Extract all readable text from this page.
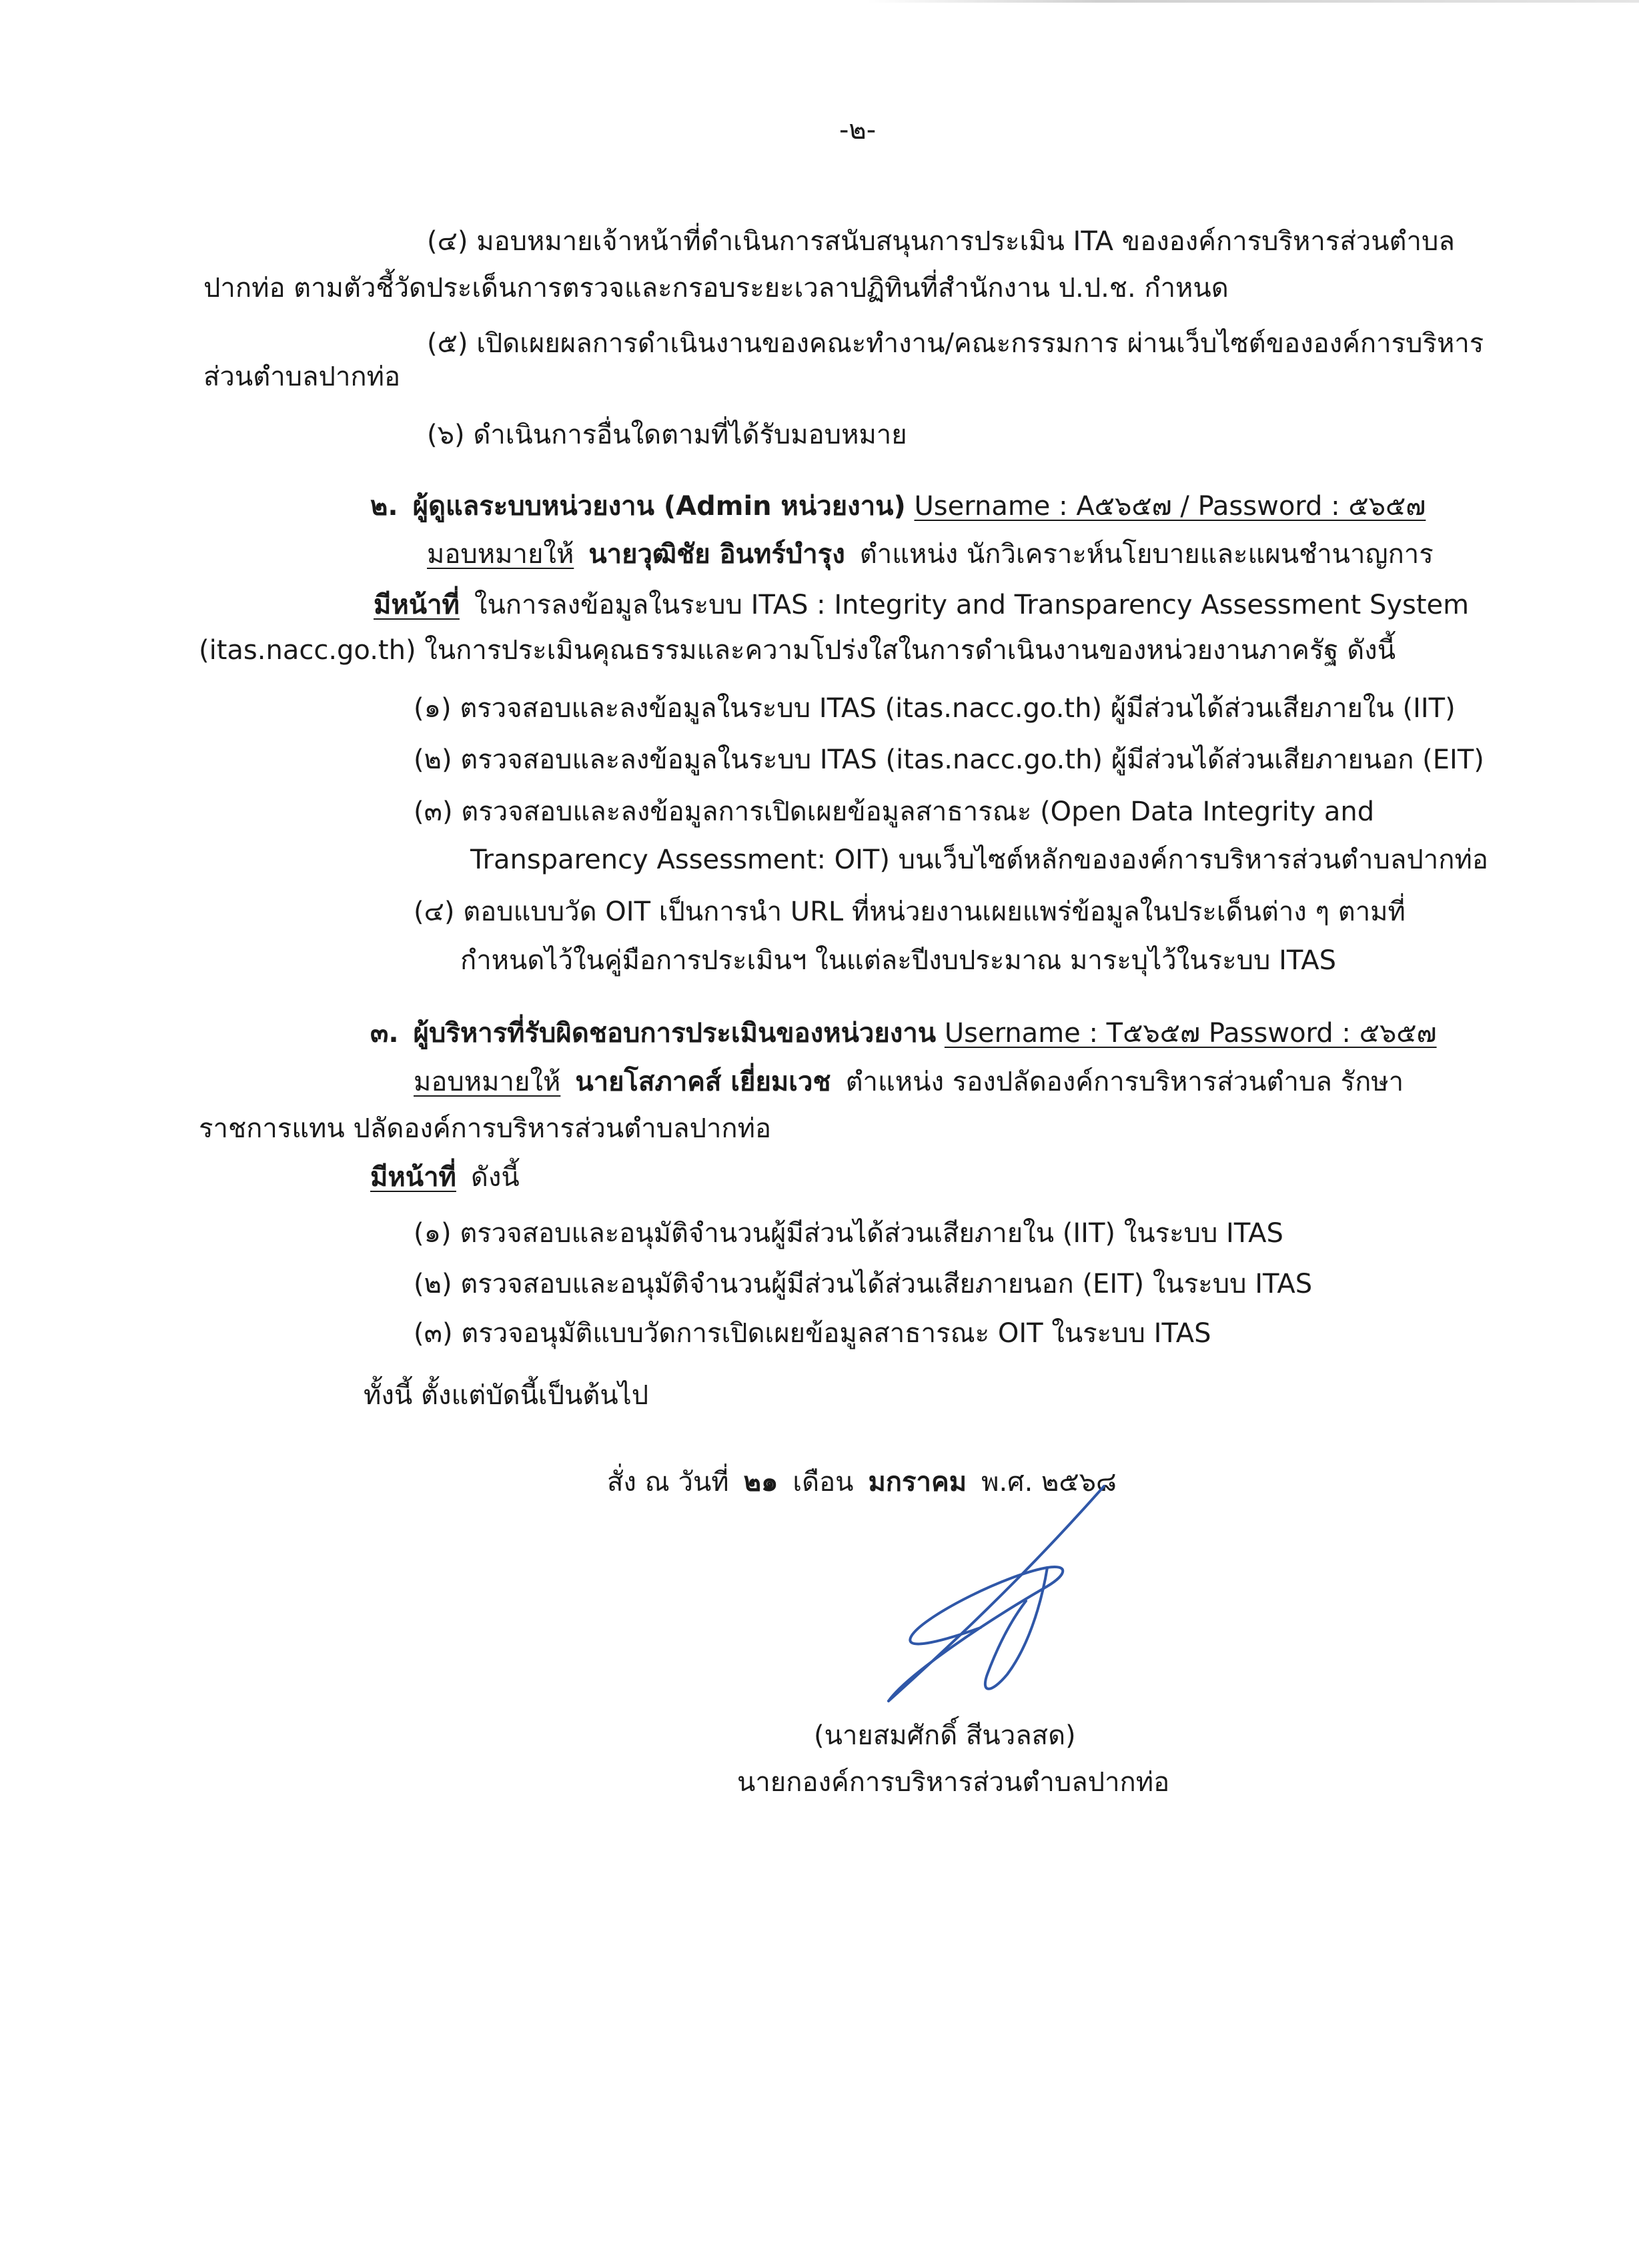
-๒-
(๔) มอบหมายเจ้าหน้าที่ดำเนินการสนับสนุนการประเมิน ITA ขององค์การบริหารส่วนตำบล
ปากท่อ ตามตัวชี้วัดประเด็นการตรวจและกรอบระยะเวลาปฏิทินที่สำนักงาน ป.ป.ช. กำหนด
(๕) เปิดเผยผลการดำเนินงานของคณะทำงาน/คณะกรรมการ ผ่านเว็บไซต์ขององค์การบริหาร
ส่วนตำบลปากท่อ
(๖) ดำเนินการอื่นใดตามที่ได้รับมอบหมาย
๒. ผู้ดูแลระบบหน่วยงาน (Admin หน่วยงาน) Username : A๕๖๕๗ / Password : ๕๖๕๗
มอบหมายให้ นายวุฒิชัย อินทร์บำรุง ตำแหน่ง นักวิเคราะห์นโยบายและแผนชำนาญการ
มีหน้าที่ ในการลงข้อมูลในระบบ ITAS : Integrity and Transparency Assessment System
(itas.nacc.go.th) ในการประเมินคุณธรรมและความโปร่งใสในการดำเนินงานของหน่วยงานภาครัฐ ดังนี้
(๑) ตรวจสอบและลงข้อมูลในระบบ ITAS (itas.nacc.go.th) ผู้มีส่วนได้ส่วนเสียภายใน (IIT)
(๒) ตรวจสอบและลงข้อมูลในระบบ ITAS (itas.nacc.go.th) ผู้มีส่วนได้ส่วนเสียภายนอก (EIT)
(๓) ตรวจสอบและลงข้อมูลการเปิดเผยข้อมูลสาธารณะ (Open Data Integrity and
Transparency Assessment: OIT) บนเว็บไซต์หลักขององค์การบริหารส่วนตำบลปากท่อ
(๔) ตอบแบบวัด OIT เป็นการนำ URL ที่หน่วยงานเผยแพร่ข้อมูลในประเด็นต่าง ๆ ตามที่
กำหนดไว้ในคู่มือการประเมินฯ ในแต่ละปีงบประมาณ มาระบุไว้ในระบบ ITAS
๓. ผู้บริหารที่รับผิดชอบการประเมินของหน่วยงาน Username : T๕๖๕๗ Password : ๕๖๕๗
มอบหมายให้ นายโสภาคส์ เยี่ยมเวช ตำแหน่ง รองปลัดองค์การบริหารส่วนตำบล รักษา
ราชการแทน ปลัดองค์การบริหารส่วนตำบลปากท่อ
มีหน้าที่ ดังนี้
(๑) ตรวจสอบและอนุมัติจำนวนผู้มีส่วนได้ส่วนเสียภายใน (IIT) ในระบบ ITAS
(๒) ตรวจสอบและอนุมัติจำนวนผู้มีส่วนได้ส่วนเสียภายนอก (EIT) ในระบบ ITAS
(๓) ตรวจอนุมัติแบบวัดการเปิดเผยข้อมูลสาธารณะ OIT ในระบบ ITAS
ทั้งนี้ ตั้งแต่บัดนี้เป็นต้นไป
สั่ง ณ วันที่ ๒๑ เดือน มกราคม พ.ศ. ๒๕๖๘
(นายสมศักดิ์ สีนวลสด)
นายกองค์การบริหารส่วนตำบลปากท่อ
